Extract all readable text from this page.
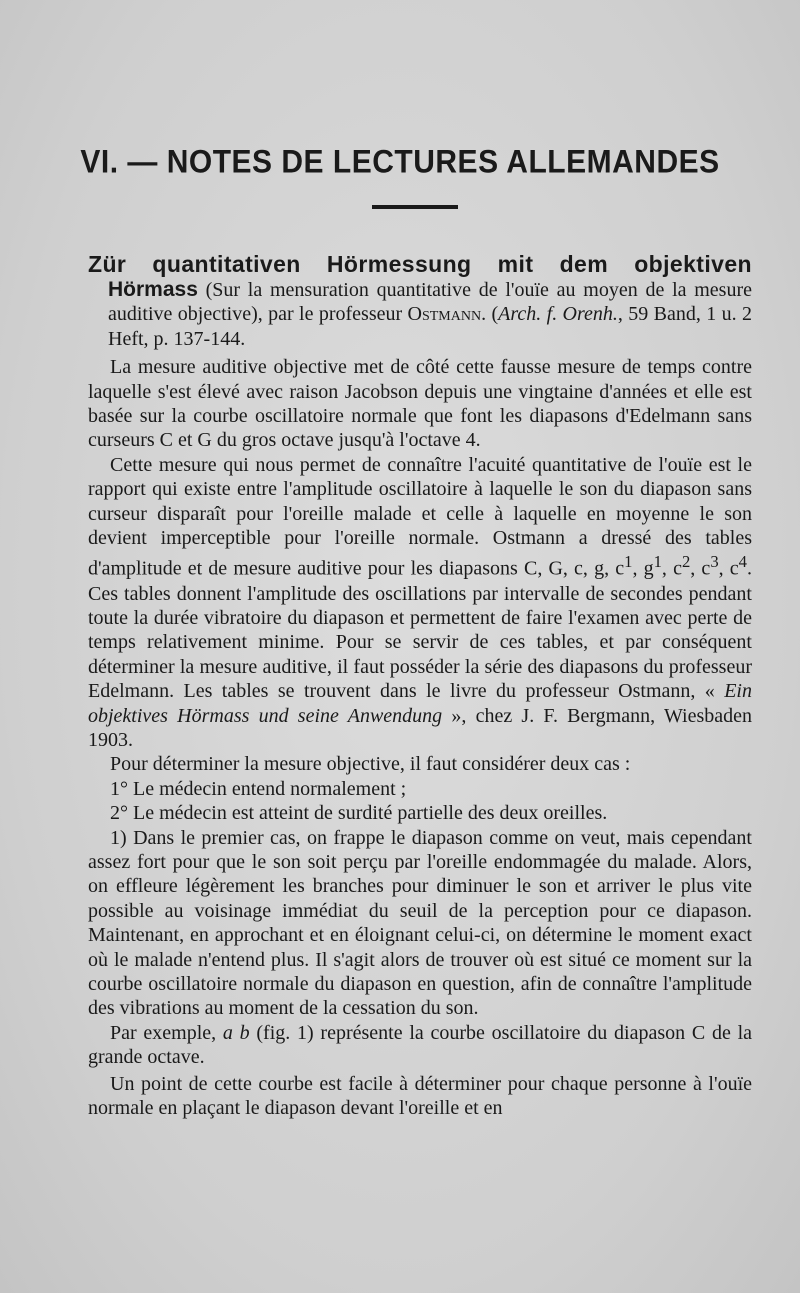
VI. — NOTES DE LECTURES ALLEMANDES
Zür quantitativen Hörmessung mit dem objektiven
Hörmass (Sur la mensuration quantitative de l'ouïe au moyen de la mesure auditive objective), par le professeur Ostmann. (Arch. f. Orenh., 59 Band, 1 u. 2 Heft, p. 137-144.

La mesure auditive objective met de côté cette fausse mesure de temps contre laquelle s'est élevé avec raison Jacobson depuis une vingtaine d'années et elle est basée sur la courbe oscillatoire normale que font les diapasons d'Edelmann sans curseurs C et G du gros octave jusqu'à l'octave 4.

Cette mesure qui nous permet de connaître l'acuité quantitative de l'ouïe est le rapport qui existe entre l'amplitude oscillatoire à laquelle le son du diapason sans curseur disparaît pour l'oreille malade et celle à laquelle en moyenne le son devient imperceptible pour l'oreille normale. Ostmann a dressé des tables d'amplitude et de mesure auditive pour les diapasons C, G, c, g, $c^1$, $g^1$, $c^2$, $c^3$, $c^4$. Ces tables donnent l'amplitude des oscillations par intervalle de secondes pendant toute la durée vibratoire du diapason et permettent de faire l'examen avec perte de temps relativement minime. Pour se servir de ces tables, et par conséquent déterminer la mesure auditive, il faut posséder la série des diapasons du professeur Edelmann. Les tables se trouvent dans le livre du professeur Ostmann, « Ein objektives Hörmass und seine Anwendung », chez J. F. Bergmann, Wiesbaden 1903.

Pour déterminer la mesure objective, il faut considérer deux cas :

1° Le médecin entend normalement ;

2° Le médecin est atteint de surdité partielle des deux oreilles.

1) Dans le premier cas, on frappe le diapason comme on veut, mais cependant assez fort pour que le son soit perçu par l'oreille endommagée du malade. Alors, on effleure légèrement les branches pour diminuer le son et arriver le plus vite possible au voisinage immédiat du seuil de la perception pour ce diapason. Maintenant, en approchant et en éloignant celui-ci, on détermine le moment exact où le malade n'entend plus. Il s'agit alors de trouver où est situé ce moment sur la courbe oscillatoire normale du diapason en question, afin de connaître l'amplitude des vibrations au moment de la cessation du son.

Par exemple, a b (fig. 1) représente la courbe oscillatoire du diapason C de la grande octave.

Un point de cette courbe est facile à déterminer pour chaque personne à l'ouïe normale en plaçant le diapason devant l'oreille et en
